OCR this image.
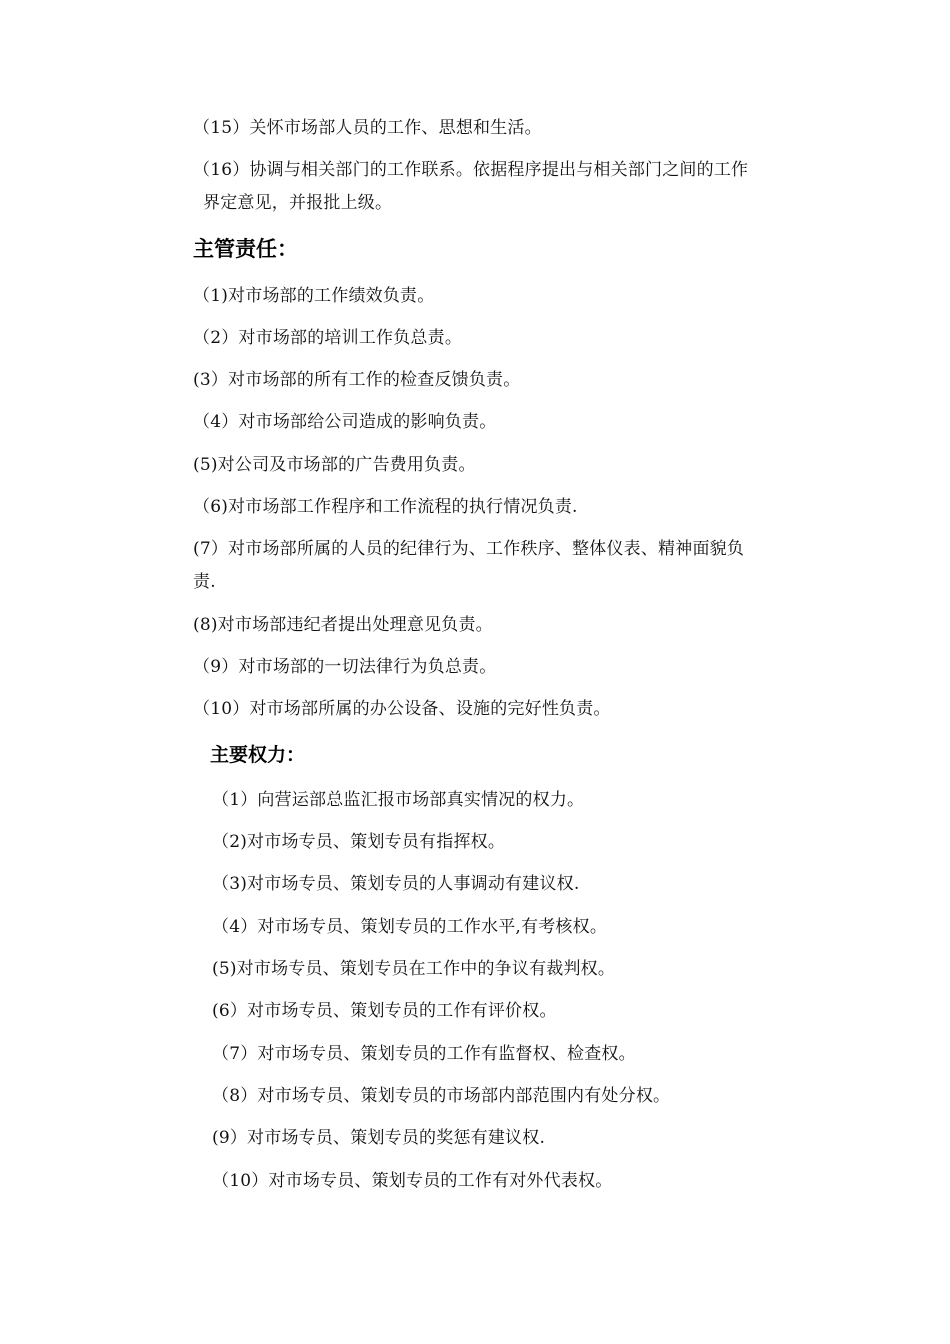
（15）关怀市场部人员的工作、思想和生活。
（16）协调与相关部门的工作联系。依据程序提出与相关部门之间的工作
界定意见，并报批上级。
主管责任：
（1)对市场部的工作绩效负责。
（2）对市场部的培训工作负总责。
(3）对市场部的所有工作的检查反馈负责。
（4）对市场部给公司造成的影响负责。
(5)对公司及市场部的广告费用负责。
（6)对市场部工作程序和工作流程的执行情况负责.
(7）对市场部所属的人员的纪律行为、工作秩序、整体仪表、精神面貌负
责.
(8)对市场部违纪者提出处理意见负责。
（9）对市场部的一切法律行为负总责。
（10）对市场部所属的办公设备、设施的完好性负责。
主要权力：
（1）向营运部总监汇报市场部真实情况的权力。
（2)对市场专员、策划专员有指挥权。
（3)对市场专员、策划专员的人事调动有建议权.
（4）对市场专员、策划专员的工作水平,有考核权。
(5)对市场专员、策划专员在工作中的争议有裁判权。
(6）对市场专员、策划专员的工作有评价权。
（7）对市场专员、策划专员的工作有监督权、检查权。
（8）对市场专员、策划专员的市场部内部范围内有处分权。
(9）对市场专员、策划专员的奖惩有建议权.
（10）对市场专员、策划专员的工作有对外代表权。
